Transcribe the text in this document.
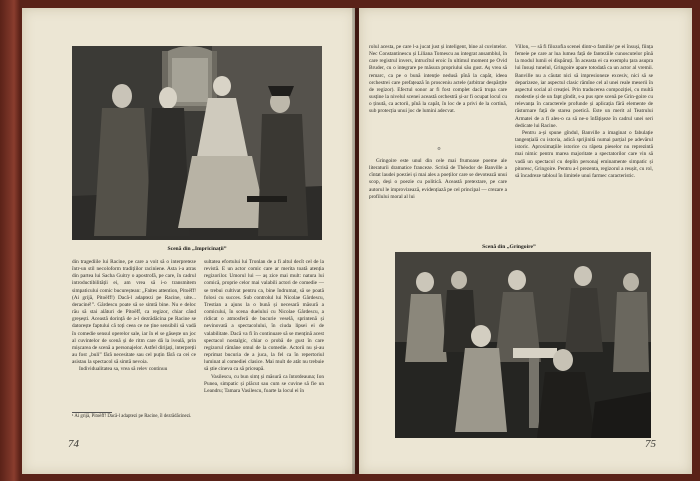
Scenă din „Impricinații”

din tragediile lui Racine, pe care a voit să o interpreteze într-un stil necoloform tradițiilor raciniene. Asta i-a atras din partea lui Sacha Guitry o apostrofă, pe care, în cadrul introductibilității ei, am vrea să i-o transmitem simpaticului comic bucureștean: „Faites attention, Pitoëff! (Ai grijă, Pitoëff!) Dacă-l adaptezi pe Racine, uite... deraciné!”. Gârdescu poate să se simtă bine. Nu e deloc rău să stai alături de Pitoëff, ca regizor, chiar când greșești. Această dorință de a-l dezrădăcina pe Racine se datorește faptului că toți ceea ce ne ține sensibili să vadă în comedie sensul operelor sale, iar în el se găsește un joc al cuvintelor de scenă și de ritm care dă la iveală, prin mișcarea de scenă a personajelor. Astfel dirijați, interpreții au fost „buli” fără necesitate sau cel puțin fără ca cei ce asistau la spectacol să simtă nevoia.

Individualitatea sa, vrea să relev continuu

¹ Ai grijă, Pitoëff! Dacă-l adaptezi pe Racine, îl dezrădăcinezi.

sultatea efortului lui Tronlan de a fi altul decît cel de la revistă. E un actor comic care ar merita toată atenția regizorilor. Umorul lui — aș zice mai mult: natura lui comică, proprie celor mai valabili actori de comedie — se trebui cultivat pentru ca, bine îndrumat, să se poată folosi cu succes. Sub controlul lui Nicolae Gârdescu, Trestian a ajuns la o bună și necesară măsură a comicului, în scena duelului cu Nicolae Gârdescu, a ridicat o atmosferă de bucurie veselă, sprintenă și nevinovată a spectacolului, în ciuda lipsei ei de valabilitate. Dacă va fi în continuare să se mențină acest spectacol nostalgic, chiar o probă de gust în care regizorul rămâne omul de la comedie. Actorii nu și-au reprimat bucuria de a juca, la fel ca în repertoriul luminat al comediei clasice. Mai mult de atât nu trebuie să știe cineva ca să priceapă.

Vasilescu, cu bun simț și măsură ca întotdeauna; Ion Punea, simpatic și plăcut sau cum se cuvine să fie un Leandru; Tamara Vasilescu, foarte la locul ei în

74

rolul acesta, pe care l-a jucat just și inteligent, bine al cuvintelor. Nec Constantinescu și Liliana Tomescu au integrat ansamblul, în care registrul invers, intrucîtul eroic în ultimul moment pe Ovid Bruder, cu o integrare pe măsura propriului său gust. Aș vrea să remarc, ca pe o bună intenție nedusă pînă la capăt, ideea orchestrei care prefațează în prosceniu actele (arbitrar despărțite de regizor). Efectul sonor ar fi fost complet dacă trupa care susține la nivelul scenei această orchestră și-ar fi ocupat locul cu o ținută, ca actorii, pînă la capăt, în loc de a privi de la cortină, sub protecția unui joc de lumini adecvat.

o

Gringoire este unul din cele mai frumoase poeme ale literaturii dramatice franceze. Scrisă de Théodor de Banville a cîntat laudei poeziei și mai ales a poeților care se devotează unui scop, deși o poezie cu politică. Această pretextare, pe care autorul le improvizează, evidențiază pe cel principal — crezare a profilului moral al lui

Villon, — să fi filozofia scenei dintr-o familie/ pe ei însuși, ființa femeie pe care ar lua lumea față de fanteziile cunoscutelor pînă la modul lumii ei dispăruți. În aceasta ei ca exemplu țara asupra lui însuși tunelul, Gringoire apare totodată ca un actor al vremii. Banville nu a căutat nici să impresioneze excesiv, nici să se deparizeze, iar aspectul clasic rămîne cel al unei reale meserii în aspectul social al creației. Prin traducerea compoziției, cu multă modestie și de un fapt gîndit, s-a pus spre scenă pe Grin-goire cu relevanța în caracterele profunde și aplicația fără elemente de răsturnare față de starea poetică. Este un merit al Teatrului Armatei de a fi ales-o ca să ne-o înfățișeze în cadrul unei seri dedicate lui Racine.

Pentru a-și spune gîndul, Banville a imaginat o fabulație tangențială cu istoria, adică sprijinită numai parțial pe adevărul istoric. Aproximațiile istorice cu răpeta pieselor nu reprezintă mai nimic pentru marea majoritate a spectatorilor care vin să vadă un spectacol cu deplin personaj eminamente simpatic și pitoresc, Gringoire. Pentru a-l prezenta, regizorul a reușit, cu rol, să încadreze tabloul în limitele unui farmec caracteristic.

Scenă din „Gringoire”
75
